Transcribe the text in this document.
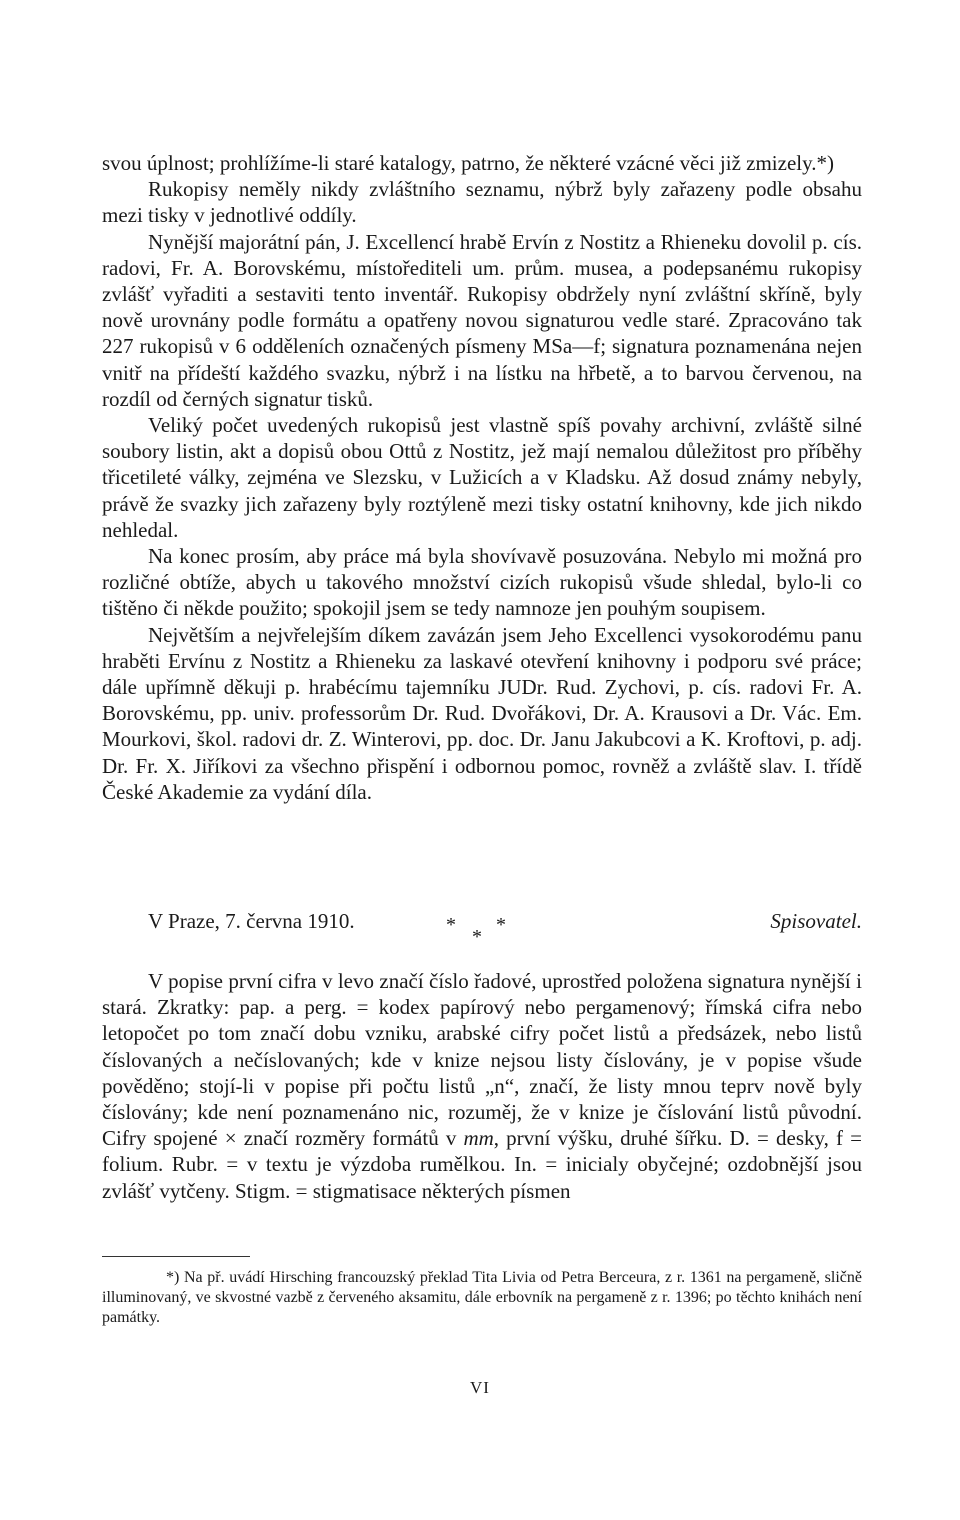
svou úplnost; prohlížíme-li staré katalogy, patrno, že některé vzácné věci již zmizely.*)

Rukopisy neměly nikdy zvláštního seznamu, nýbrž byly zařazeny podle obsahu mezi tisky v jednotlivé oddíly.

Nynější majorátní pán, J. Excellencí hrabě Ervín z Nostitz a Rhieneku dovolil p. cís. radovi, Fr. A. Borovskému, místořediteli um. prům. musea, a podepsanému rukopisy zvlášť vyřaditi a sestaviti tento inventář. Rukopisy obdržely nyní zvláštní skříně, byly nově urovnány podle formátu a opatřeny novou signaturou vedle staré. Zpracováno tak 227 rukopisů v 6 odděleních označených písmeny MSa—f; signatura poznamenána nejen vnitř na přídeští každého svazku, nýbrž i na lístku na hřbetě, a to barvou červenou, na rozdíl od černých signatur tisků.

Veliký počet uvedených rukopisů jest vlastně spíš povahy archivní, zvláště silné soubory listin, akt a dopisů obou Ottů z Nostitz, jež mají nemalou důležitost pro příběhy třicetileté války, zejména ve Slezsku, v Lužicích a v Kladsku. Až dosud známy nebyly, právě že svazky jich zařazeny byly roztýleně mezi tisky ostatní knihovny, kde jich nikdo nehledal.

Na konec prosím, aby práce má byla shovívavě posuzována. Nebylo mi možná pro rozličné obtíže, abych u takového množství cizích rukopisů všude shledal, bylo-li co tištěno či někde použito; spokojil jsem se tedy namnoze jen pouhým soupisem.

Největším a nejvřelejším díkem zavázán jsem Jeho Excellenci vysokorodému panu hraběti Ervínu z Nostitz a Rhieneku za laskavé otevření knihovny i podporu své práce; dále upřímně děkuji p. hrabécímu tajemníku JUDr. Rud. Zychovi, p. cís. radovi Fr. A. Borovskému, pp. univ. professorům Dr. Rud. Dvořákovi, Dr. A. Krausovi a Dr. Vác. Em. Mourkovi, škol. radovi dr. Z. Winterovi, pp. doc. Dr. Janu Jakubcovi a K. Kroftovi, p. adj. Dr. Fr. X. Jiříkovi za všechno přispění i odbornou pomoc, rovněž a zvláště slav. I. třídě České Akademie za vydání díla.

V Praze, 7. června 1910.	Spisovatel.
*
*
*

V popise první cifra v levo značí číslo řadové, uprostřed položena signatura nynější i stará. Zkratky: pap. a perg. = kodex papírový nebo pergamenový; římská cifra nebo letopočet po tom značí dobu vzniku, arabské cifry počet listů a předsázek, nebo listů číslovaných a nečíslovaných; kde v knize nejsou listy číslovány, je v popise všude pověděno; stojí-li v popise při počtu listů „n“, značí, že listy mnou teprv nově byly číslovány; kde není poznamenáno nic, rozuměj, že v knize je číslování listů původní. Cifry spojené × značí rozměry formátů v mm, první výšku, druhé šířku. D. = desky, f = folium. Rubr. = v textu je výzdoba rumělkou. In. = inicialy obyčejné; ozdobnější jsou zvlášť vytčeny. Stigm. = stigmatisace některých písmen

*) Na př. uvádí Hirsching francouzský překlad Tita Livia od Petra Berceura, z r. 1361 na pergameně, sličně illuminovaný, ve skvostné vazbě z červeného aksamitu, dále erbovník na pergameně z r. 1396; po těchto knihách není památky.

VI
